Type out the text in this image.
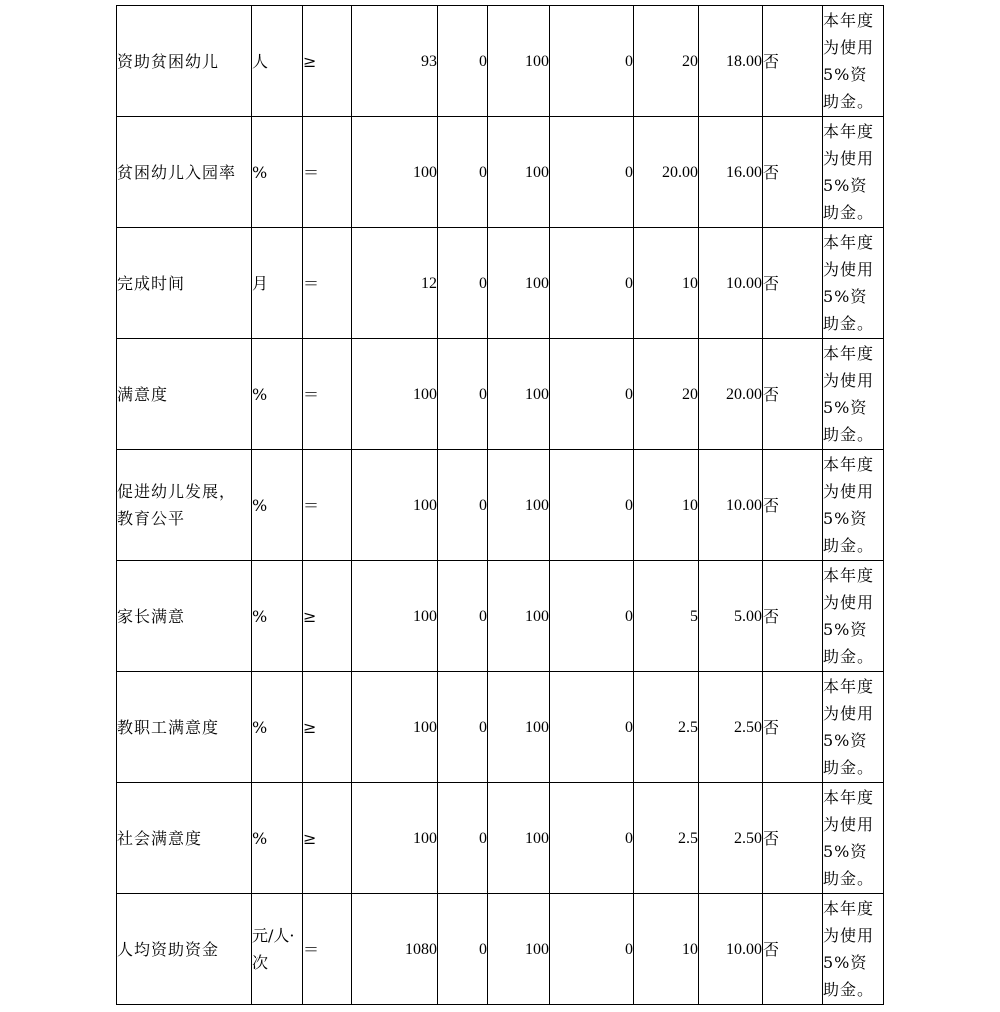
资助贫困幼儿	人	≥	93	0	100	0	20	18.00	否	本年度为使用5%资助金。

贫困幼儿入园率	%	＝	100	0	100	0	20.00	16.00	否	本年度为使用5%资助金。

完成时间	月	＝	12	0	100	0	10	10.00	否	本年度为使用5%资助金。

满意度	%	＝	100	0	100	0	20	20.00	否	本年度为使用5%资助金。

促进幼儿发展，教育公平	%	＝	100	0	100	0	10	10.00	否	本年度为使用5%资助金。

家长满意	%	≥	100	0	100	0	5	5.00	否	本年度为使用5%资助金。

教职工满意度	%	≥	100	0	100	0	2.5	2.50	否	本年度为使用5%资助金。

社会满意度	%	≥	100	0	100	0	2.5	2.50	否	本年度为使用5%资助金。

人均资助资金	元/人·次	＝	1080	0	100	0	10	10.00	否	本年度为使用5%资助金。
